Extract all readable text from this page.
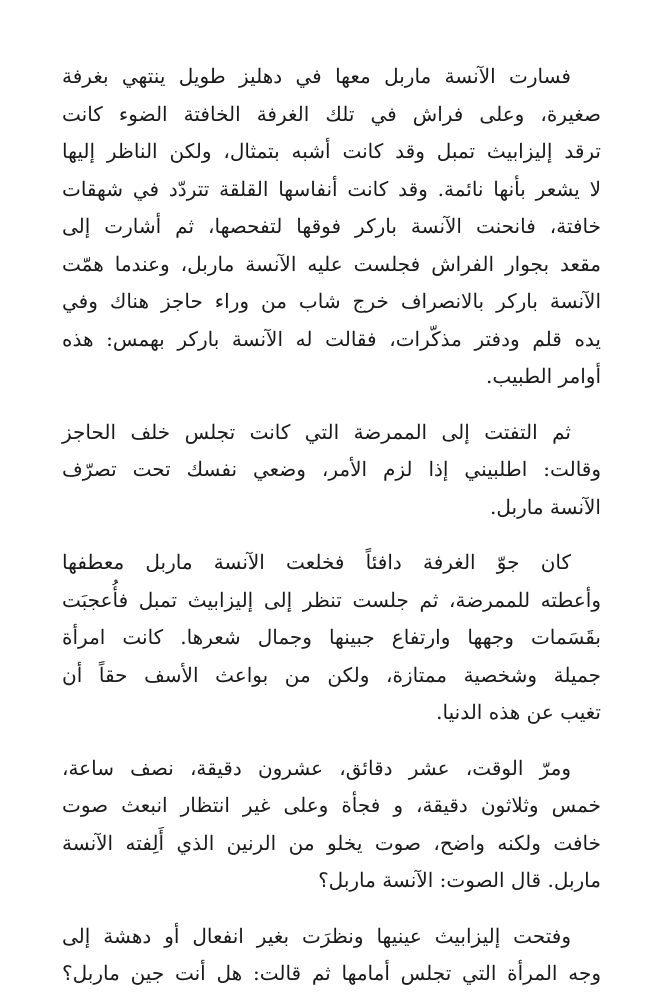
فسارت الآنسة ماربل معها في دهليز طويل ينتهي بغرفة
صغيرة، وعلى فراش في تلك الغرفة الخافتة الضوء كانت
ترقد إليزابيث تمبل وقد كانت أشبه بتمثال، ولكن الناظر إليها
لا يشعر بأنها نائمة. وقد كانت أنفاسها القلقة تتردّد في شهقات
خافتة، فانحنت الآنسة باركر فوقها لتفحصها، ثم أشارت إلى
مقعد بجوار الفراش فجلست عليه الآنسة ماربل، وعندما همّت
الآنسة باركر بالانصراف خرج شاب من وراء حاجز هناك وفي
يده قلم ودفتر مذكّرات، فقالت له الآنسة باركر بهمس: هذه
أوامر الطبيب.

ثم التفتت إلى الممرضة التي كانت تجلس خلف الحاجز
وقالت: اطلبيني إذا لزم الأمر، وضعي نفسك تحت تصرّف
الآنسة ماربل.

كان جوّ الغرفة دافئاً فخلعت الآنسة ماربل معطفها
وأعطته للممرضة، ثم جلست تنظر إلى إليزابيث تمبل فأُعجبَت
بقَسَمات وجهها وارتفاع جبينها وجمال شعرها. كانت امرأة
جميلة وشخصية ممتازة، ولكن من بواعث الأسف حقاً أن
تغيب عن هذه الدنيا.

ومرّ الوقت، عشر دقائق، عشرون دقيقة، نصف ساعة،
خمس وثلاثون دقيقة، و فجأة وعلى غير انتظار انبعث صوت
خافت ولكنه واضح، صوت يخلو من الرنين الذي أَلِفته الآنسة
ماربل. قال الصوت: الآنسة ماربل؟

وفتحت إليزابيث عينيها ونظرَت بغير انفعال أو دهشة إلى
وجه المرأة التي تجلس أمامها ثم قالت: هل أنت جين ماربل؟
